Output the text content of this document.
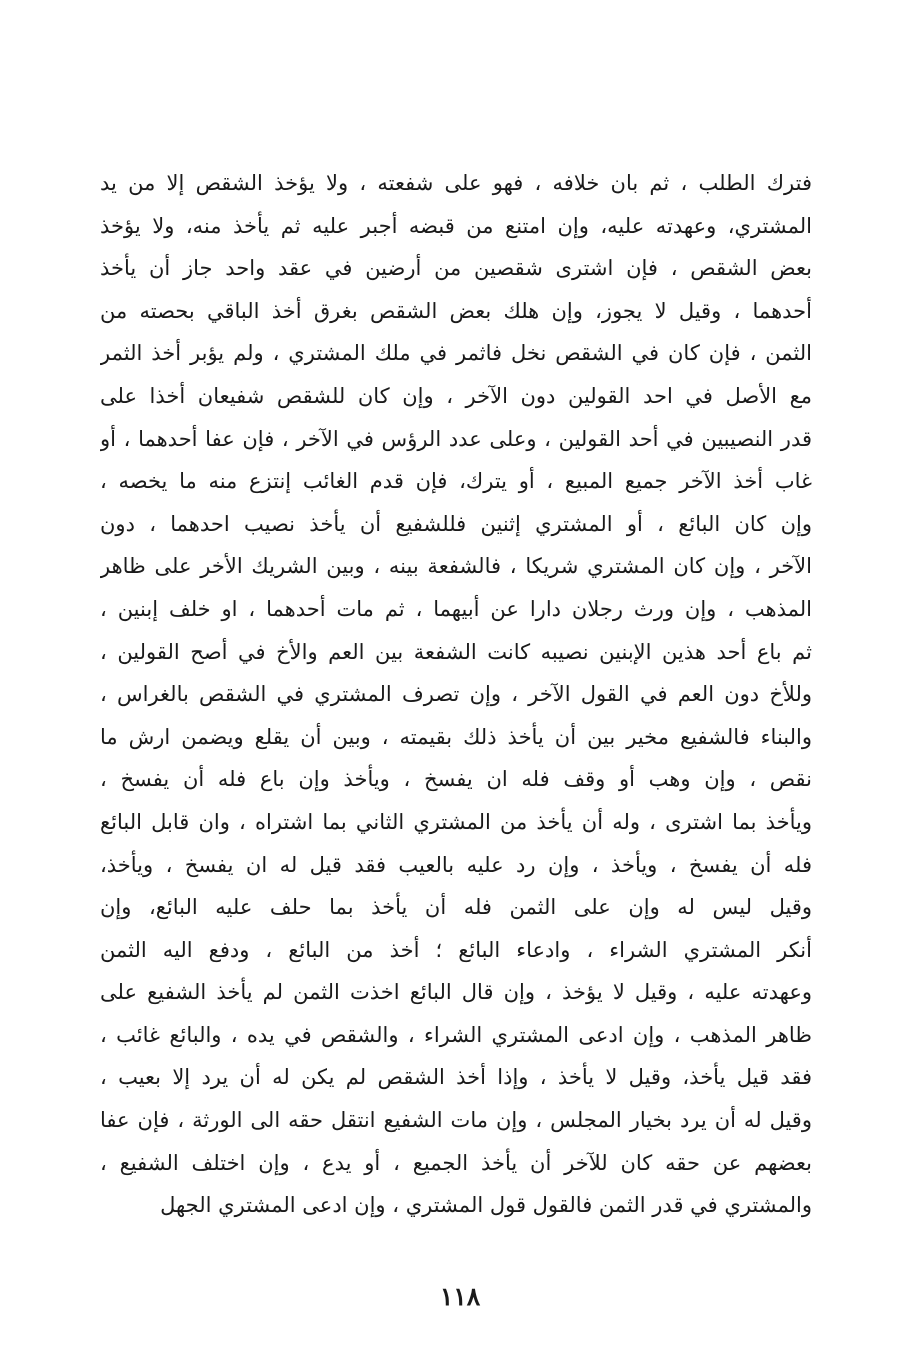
فترك الطلب ، ثم بان خلافه ، فهو على شفعته ، ولا يؤخذ الشقص إلا من يد
المشتري، وعهدته عليه، وإن امتنع من قبضه أجبر عليه ثم يأخذ منه، ولا يؤخذ
بعض الشقص ، فإن اشترى شقصين من أرضين في عقد واحد جاز أن يأخذ
أحدهما ، وقيل لا يجوز، وإن هلك بعض الشقص بغرق أخذ الباقي بحصته من
الثمن ، فإن كان في الشقص نخل فاثمر في ملك المشتري ، ولم يؤبر أخذ الثمر
مع الأصل في احد القولين دون الآخر ، وإن كان للشقص شفيعان أخذا على
قدر النصيبين في أحد القولين ، وعلى عدد الرؤس في الآخر ، فإن عفا أحدهما ، أو
غاب أخذ الآخر جميع المبيع ، أو يترك، فإن قدم الغائب إنتزع منه ما يخصه ،
وإن كان البائع ، أو المشتري إثنين فللشفيع أن يأخذ نصيب احدهما ، دون
الآخر ، وإن كان المشتري شريكا ، فالشفعة بينه ، وبين الشريك الأخر على ظاهر
المذهب ، وإن ورث رجلان دارا عن أبيهما ، ثم مات أحدهما ، او خلف إبنين ،
ثم باع أحد هذين الإبنين نصيبه كانت الشفعة بين العم والأخ في أصح القولين ،
وللأخ دون العم في القول الآخر ، وإن تصرف المشتري في الشقص بالغراس ،
والبناء فالشفيع مخير بين أن يأخذ ذلك بقيمته ، وبين أن يقلع ويضمن ارش ما
نقص ، وإن وهب أو وقف فله ان يفسخ ، ويأخذ وإن باع فله أن يفسخ ،
ويأخذ بما اشترى ، وله أن يأخذ من المشتري الثاني بما اشتراه ، وان قابل البائع
فله أن يفسخ ، ويأخذ ، وإن رد عليه بالعيب فقد قيل له ان يفسخ ، ويأخذ،
وقيل ليس له وإن على الثمن فله أن يأخذ بما حلف عليه البائع، وإن
أنكر المشتري الشراء ، وادعاء البائع ؛ أخذ من البائع ، ودفع اليه الثمن
وعهدته عليه ، وقيل لا يؤخذ ، وإن قال البائع اخذت الثمن لم يأخذ الشفيع على
ظاهر المذهب ، وإن ادعى المشتري الشراء ، والشقص في يده ، والبائع غائب ،
فقد قيل يأخذ، وقيل لا يأخذ ، وإذا أخذ الشقص لم يكن له أن يرد إلا بعيب ،
وقيل له أن يرد بخيار المجلس ، وإن مات الشفيع انتقل حقه الى الورثة ، فإن عفا
بعضهم عن حقه كان للآخر أن يأخذ الجميع ، أو يدع ، وإن اختلف الشفيع ،
والمشتري في قدر الثمن فالقول قول المشتري ، وإن ادعى المشتري الجهل
١١٨
